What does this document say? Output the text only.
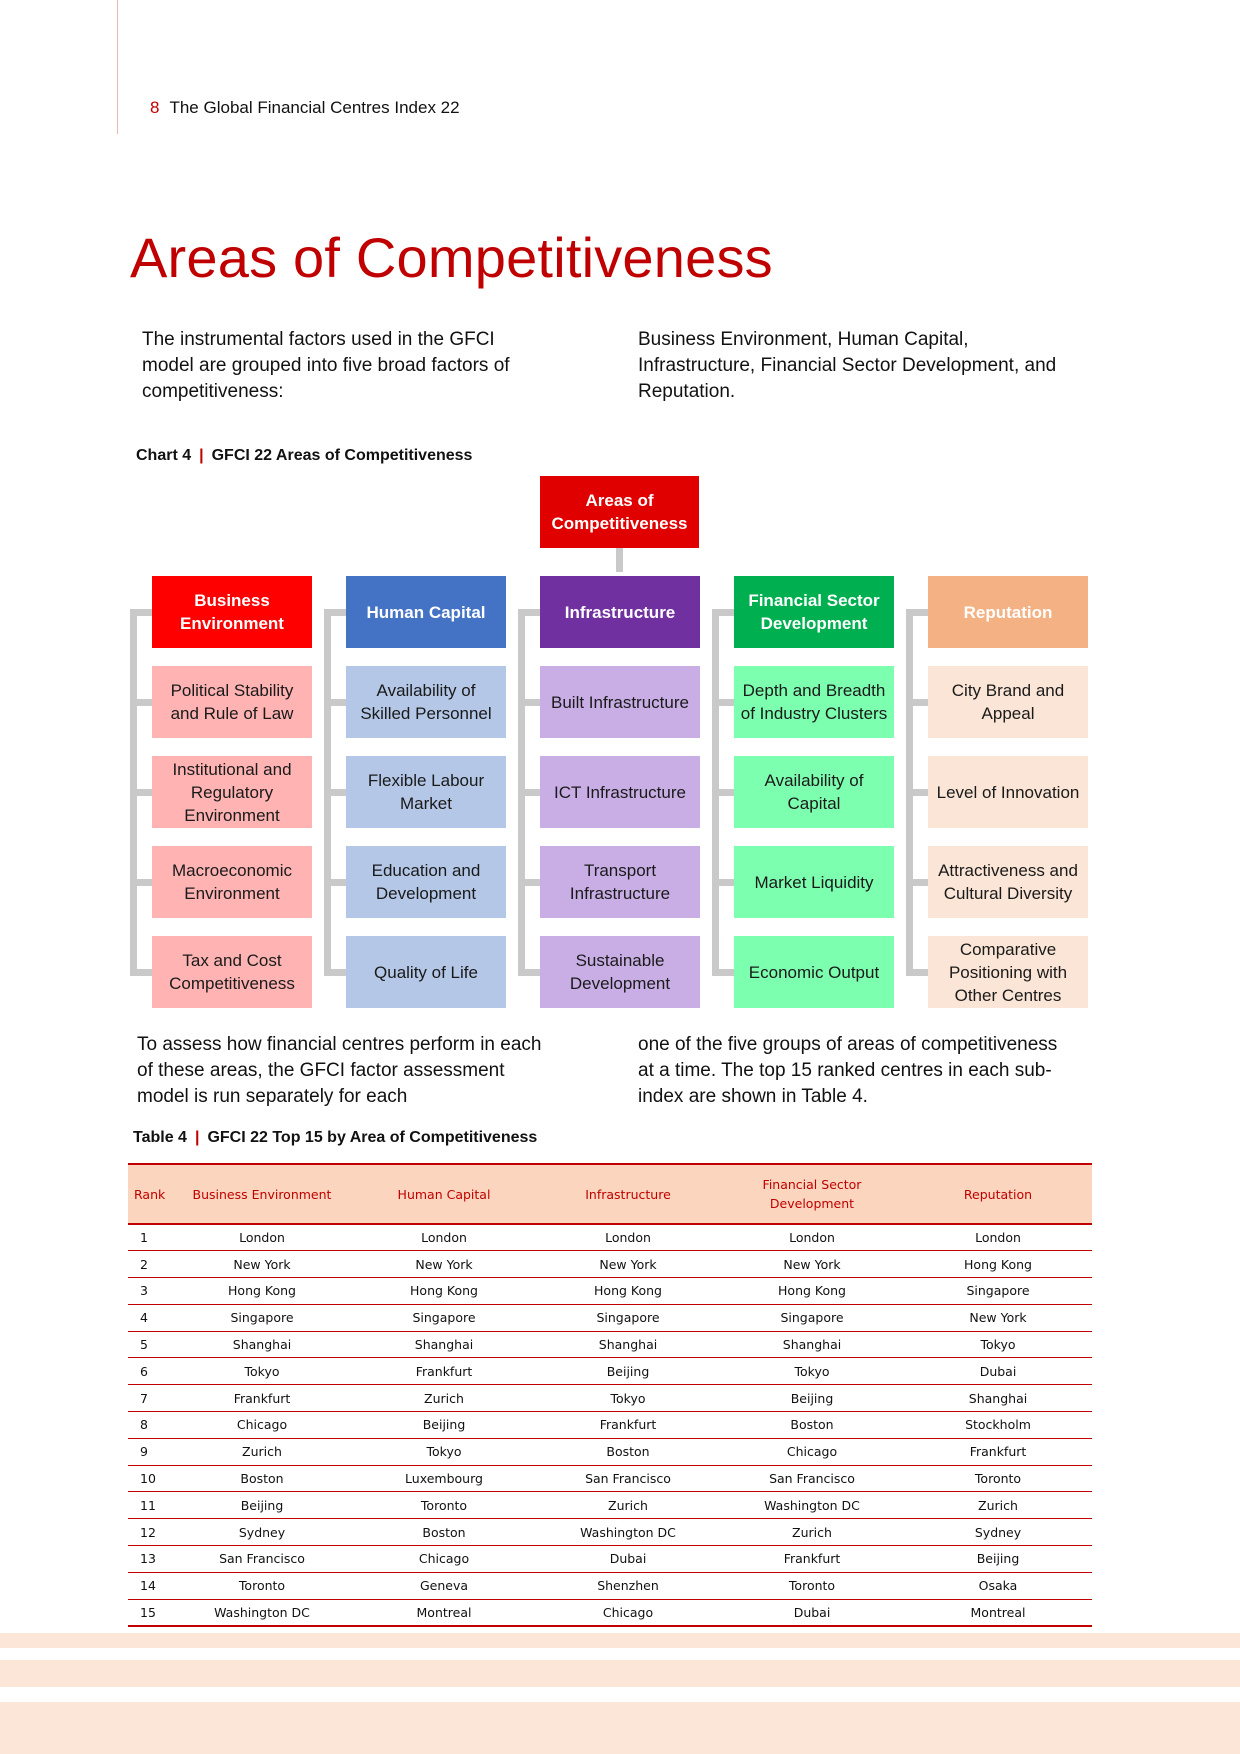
8 The Global Financial Centres Index 22
Areas of Competitiveness

The instrumental factors used in the GFCI model are grouped into five broad factors of competitiveness:

Business Environment, Human Capital, Infrastructure, Financial Sector Development, and Reputation.

Chart 4 | GFCI 22 Areas of Competitiveness
Areas of Competitiveness
Business Environment
Political Stability and Rule of Law
Institutional and Regulatory Environment
Macroeconomic Environment
Tax and Cost Competitiveness
Human Capital
Availability of Skilled Personnel
Flexible Labour Market
Education and Development
Quality of Life
Infrastructure
Built Infrastructure
ICT Infrastructure
Transport Infrastructure
Sustainable Development
Financial Sector Development
Depth and Breadth of Industry Clusters
Availability of Capital
Market Liquidity
Economic Output
Reputation
City Brand and Appeal
Level of Innovation
Attractiveness and Cultural Diversity
Comparative Positioning with Other Centres

To assess how financial centres perform in each of these areas, the GFCI factor assessment model is run separately for each

one of the five groups of areas of competitiveness at a time. The top 15 ranked centres in each sub-index are shown in Table 4.

Table 4 | GFCI 22 Top 15 by Area of Competitiveness
Rank	Business Environment	Human Capital	Infrastructure	Financial Sector Development	Reputation
1	London	London	London	London	London
2	New York	New York	New York	New York	Hong Kong
3	Hong Kong	Hong Kong	Hong Kong	Hong Kong	Singapore
4	Singapore	Singapore	Singapore	Singapore	New York
5	Shanghai	Shanghai	Shanghai	Shanghai	Tokyo
6	Tokyo	Frankfurt	Beijing	Tokyo	Dubai
7	Frankfurt	Zurich	Tokyo	Beijing	Shanghai
8	Chicago	Beijing	Frankfurt	Boston	Stockholm
9	Zurich	Tokyo	Boston	Chicago	Frankfurt
10	Boston	Luxembourg	San Francisco	San Francisco	Toronto
11	Beijing	Toronto	Zurich	Washington DC	Zurich
12	Sydney	Boston	Washington DC	Zurich	Sydney
13	San Francisco	Chicago	Dubai	Frankfurt	Beijing
14	Toronto	Geneva	Shenzhen	Toronto	Osaka
15	Washington DC	Montreal	Chicago	Dubai	Montreal
